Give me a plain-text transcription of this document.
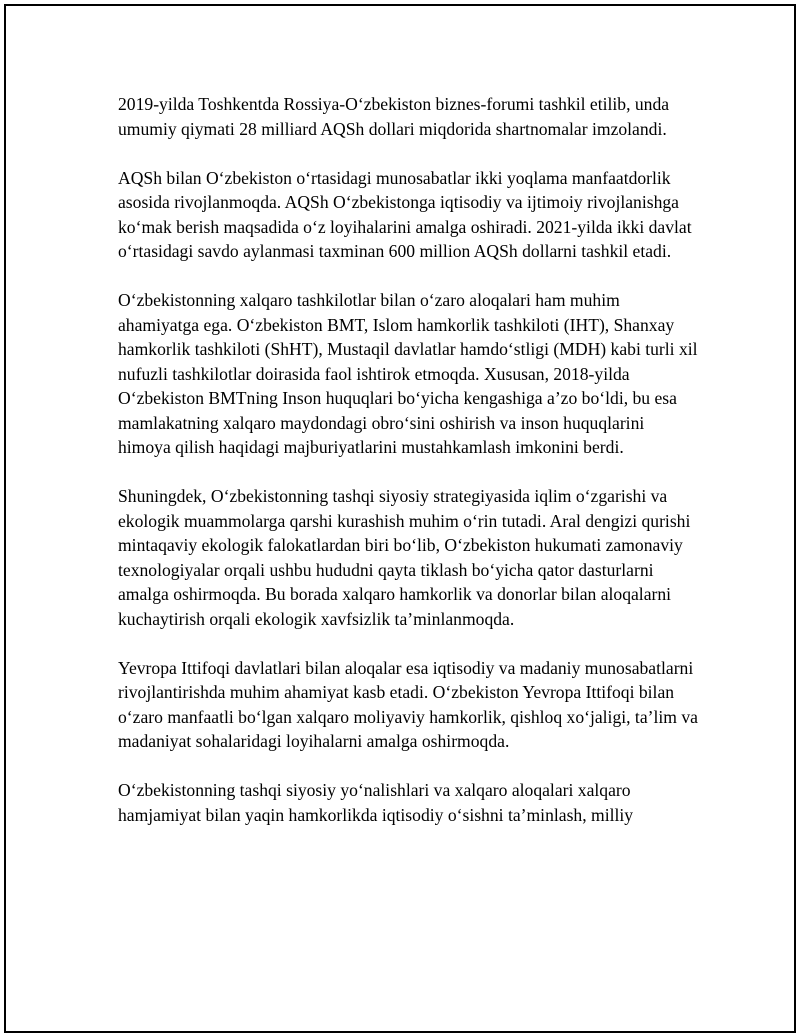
2019-yilda Toshkentda Rossiya-O‘zbekiston biznes-forumi tashkil etilib, unda umumiy qiymati 28 milliard AQSh dollari miqdorida shartnomalar imzolandi.

AQSh bilan O‘zbekiston o‘rtasidagi munosabatlar ikki yoqlama manfaatdorlik asosida rivojlanmoqda. AQSh O‘zbekistonga iqtisodiy va ijtimoiy rivojlanishga ko‘mak berish maqsadida o‘z loyihalarini amalga oshiradi. 2021-yilda ikki davlat o‘rtasidagi savdo aylanmasi taxminan 600 million AQSh dollarni tashkil etadi.

O‘zbekistonning xalqaro tashkilotlar bilan o‘zaro aloqalari ham muhim ahamiyatga ega. O‘zbekiston BMT, Islom hamkorlik tashkiloti (IHT), Shanxay hamkorlik tashkiloti (ShHT), Mustaqil davlatlar hamdo‘stligi (MDH) kabi turli xil nufuzli tashkilotlar doirasida faol ishtirok etmoqda. Xususan, 2018-yilda O‘zbekiston BMTning Inson huquqlari bo‘yicha kengashiga a’zo bo‘ldi, bu esa mamlakatning xalqaro maydondagi obro‘sini oshirish va inson huquqlarini himoya qilish haqidagi majburiyatlarini mustahkamlash imkonini berdi.

Shuningdek, O‘zbekistonning tashqi siyosiy strategiyasida iqlim o‘zgarishi va ekologik muammolarga qarshi kurashish muhim o‘rin tutadi. Aral dengizi qurishi mintaqaviy ekologik falokatlardan biri bo‘lib, O‘zbekiston hukumati zamonaviy texnologiyalar orqali ushbu hududni qayta tiklash bo‘yicha qator dasturlarni amalga oshirmoqda. Bu borada xalqaro hamkorlik va donorlar bilan aloqalarni kuchaytirish orqali ekologik xavfsizlik ta’minlanmoqda.

Yevropa Ittifoqi davlatlari bilan aloqalar esa iqtisodiy va madaniy munosabatlarni rivojlantirishda muhim ahamiyat kasb etadi. O‘zbekiston Yevropa Ittifoqi bilan o‘zaro manfaatli bo‘lgan xalqaro moliyaviy hamkorlik, qishloq xo‘jaligi, ta’lim va madaniyat sohalaridagi loyihalarni amalga oshirmoqda.

O‘zbekistonning tashqi siyosiy yo‘nalishlari va xalqaro aloqalari xalqaro hamjamiyat bilan yaqin hamkorlikda iqtisodiy o‘sishni ta’minlash, milliy
